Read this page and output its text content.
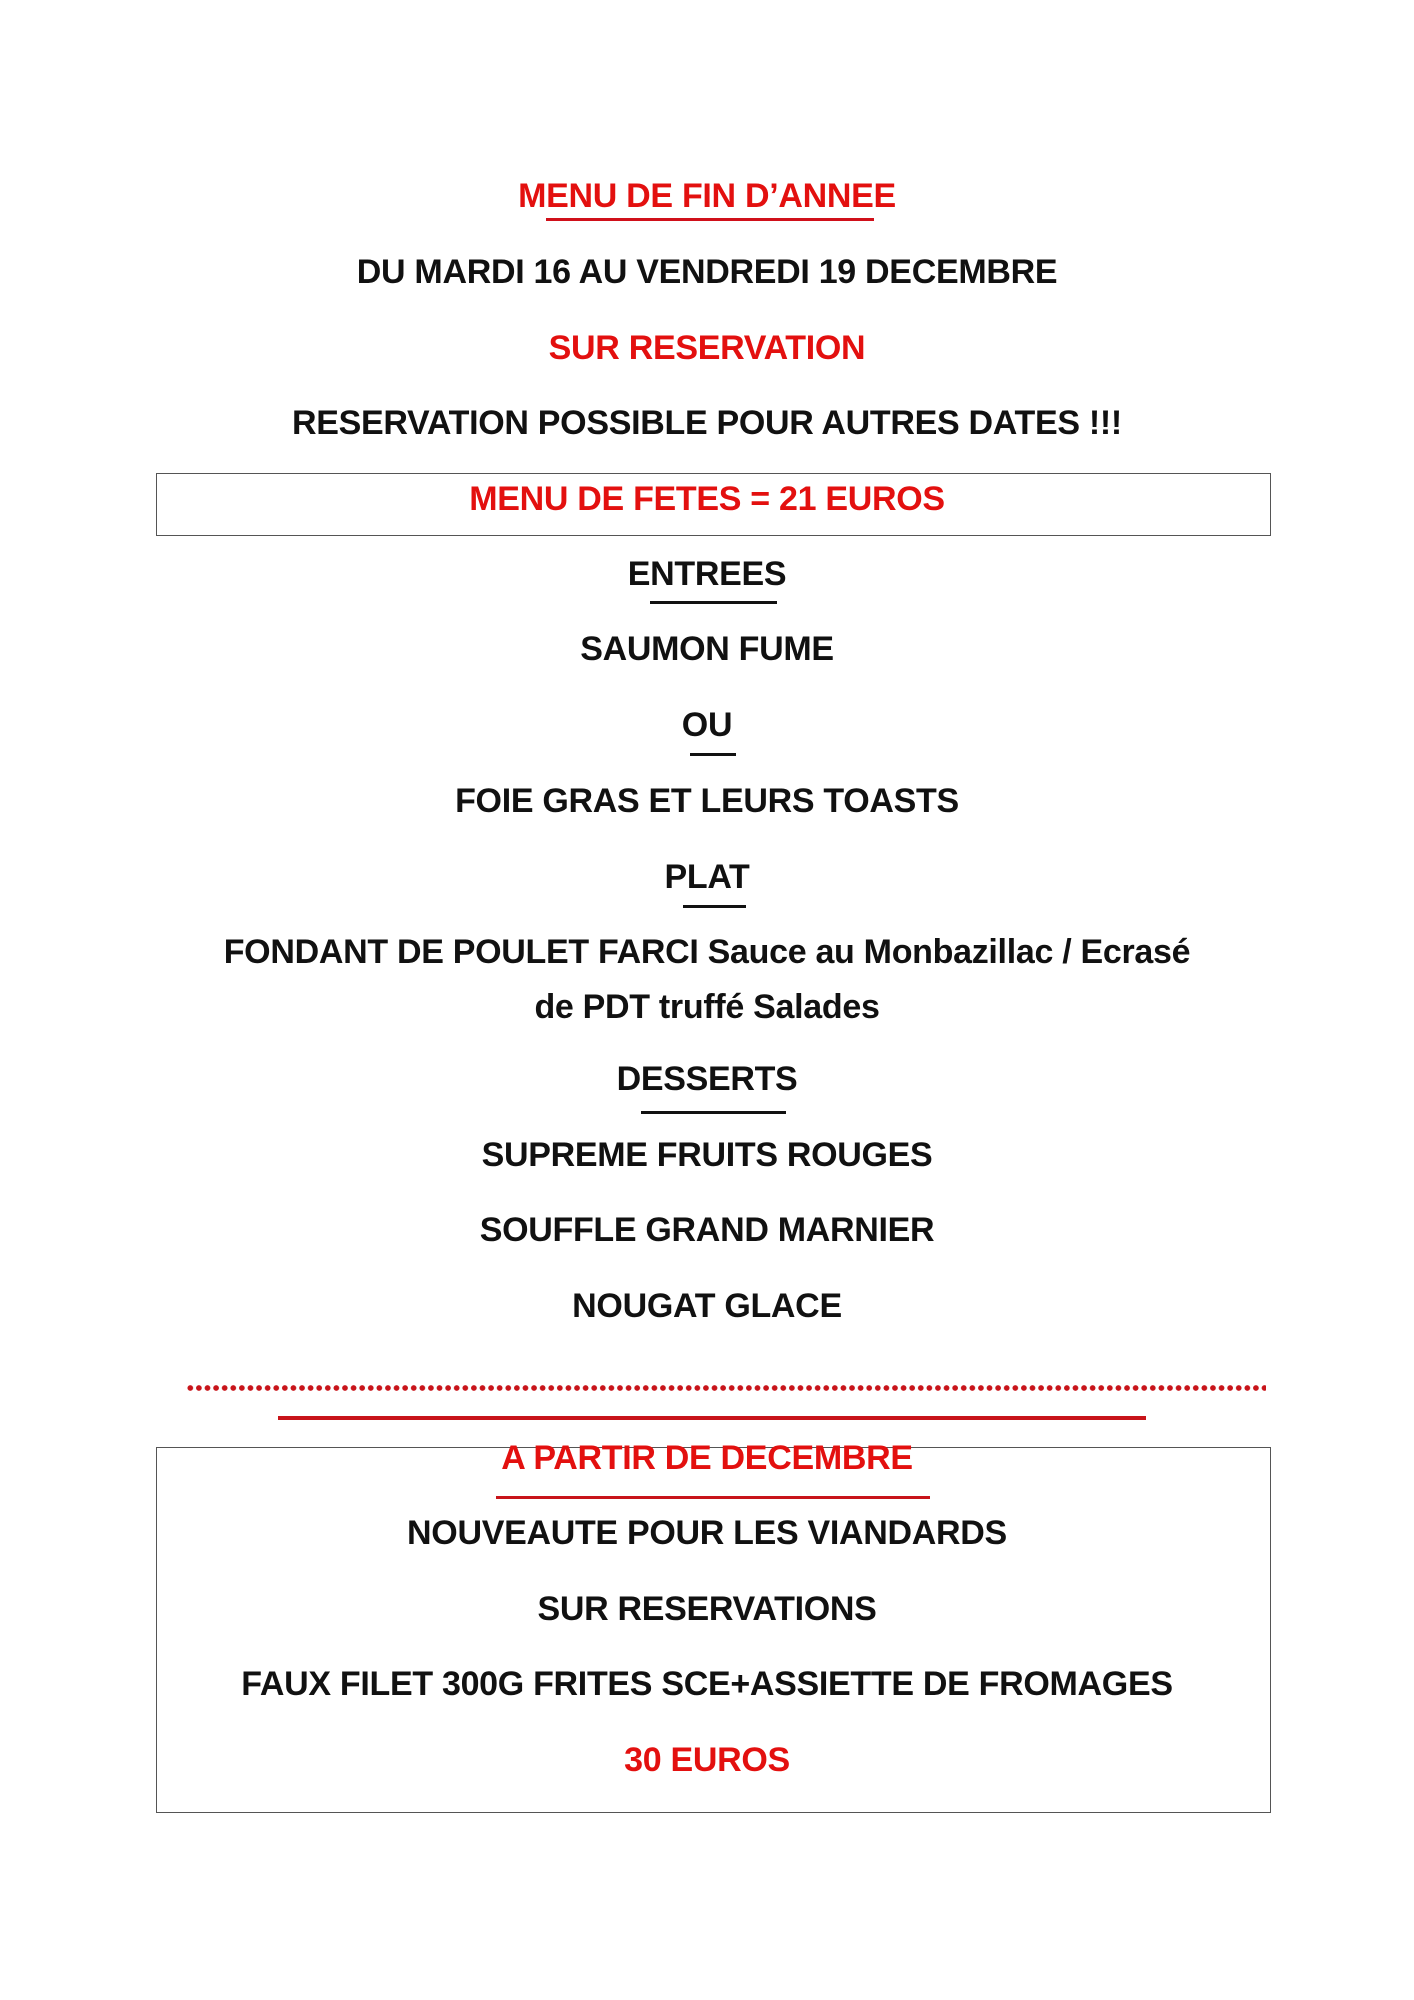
MENU DE FIN D’ANNEE
DU MARDI 16 AU VENDREDI 19 DECEMBRE
SUR RESERVATION
RESERVATION POSSIBLE POUR AUTRES DATES !!!
MENU DE FETES = 21 EUROS
ENTREES
SAUMON FUME
OU
FOIE GRAS ET LEURS TOASTS
PLAT
FONDANT DE POULET FARCI Sauce au Monbazillac / Ecrasé
de PDT truffé Salades
DESSERTS
SUPREME FRUITS ROUGES
SOUFFLE GRAND MARNIER
NOUGAT GLACE
A PARTIR DE DECEMBRE
NOUVEAUTE POUR LES VIANDARDS
SUR RESERVATIONS
FAUX FILET 300G FRITES SCE+ASSIETTE DE FROMAGES
30 EUROS
